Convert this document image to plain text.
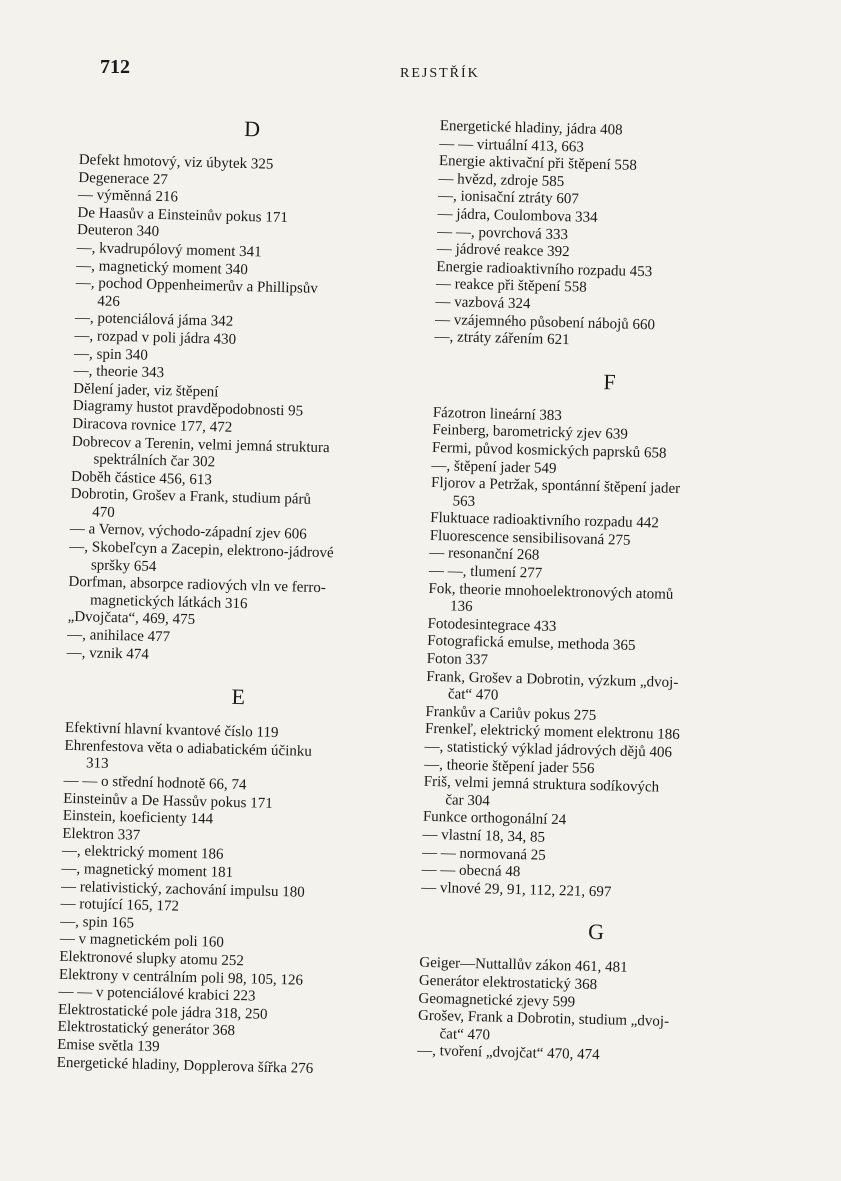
712	REJSTŘÍK
D
Defekt hmotový, viz úbytek 325
Degenerace 27
— výměnná 216
De Haasův a Einsteinův pokus 171
Deuteron 340
—, kvadrupólový moment 341
—, magnetický moment 340
—, pochod Oppenheimerův a Phillipsův
426
—, potenciálová jáma 342
—, rozpad v poli jádra 430
—, spin 340
—, theorie 343
Dělení jader, viz štěpení
Diagramy hustot pravděpodobnosti 95
Diracova rovnice 177, 472
Dobrecov a Terenin, velmi jemná struktura
spektrálních čar 302
Doběh částice 456, 613
Dobrotin, Grošev a Frank, studium párů
470
— a Vernov, východo-západní zjev 606
—, Skobeľcyn a Zacepin, elektrono-jádrové
spršky 654
Dorfman, absorpce radiových vln ve ferro-
magnetických látkách 316
„Dvojčata“, 469, 475
—, anihilace 477
—, vznik 474
E
Efektivní hlavní kvantové číslo 119
Ehrenfestova věta o adiabatickém účinku
313
— — o střední hodnotě 66, 74
Einsteinův a De Hassův pokus 171
Einstein, koeficienty 144
Elektron 337
—, elektrický moment 186
—, magnetický moment 181
— relativistický, zachování impulsu 180
— rotující 165, 172
—, spin 165
— v magnetickém poli 160
Elektronové slupky atomu 252
Elektrony v centrálním poli 98, 105, 126
— — v potenciálové krabici 223
Elektrostatické pole jádra 318, 250
Elektrostatický generátor 368
Emise světla 139
Energetické hladiny, Dopplerova šířka 276
Energetické hladiny, jádra 408
— — virtuální 413, 663
Energie aktivační při štěpení 558
— hvězd, zdroje 585
—, ionisační ztráty 607
— jádra, Coulombova 334
— —, povrchová 333
— jádrové reakce 392
Energie radioaktivního rozpadu 453
— reakce při štěpení 558
— vazbová 324
— vzájemného působení nábojů 660
—, ztráty zářením 621
F
Fázotron lineární 383
Feinberg, barometrický zjev 639
Fermi, původ kosmických paprsků 658
—, štěpení jader 549
Fljorov a Petržak, spontánní štěpení jader
563
Fluktuace radioaktivního rozpadu 442
Fluorescence sensibilisovaná 275
— resonanční 268
— —, tlumení 277
Fok, theorie mnohoelektronových atomů
136
Fotodesintegrace 433
Fotografická emulse, methoda 365
Foton 337
Frank, Grošev a Dobrotin, výzkum „dvoj-
čat“ 470
Frankův a Cariův pokus 275
Frenkeľ, elektrický moment elektronu 186
—, statistický výklad jádrových dějů 406
—, theorie štěpení jader 556
Friš, velmi jemná struktura sodíkových
čar 304
Funkce orthogonální 24
— vlastní 18, 34, 85
— — normovaná 25
— — obecná 48
— vlnové 29, 91, 112, 221, 697
G
Geiger—Nuttallův zákon 461, 481
Generátor elektrostatický 368
Geomagnetické zjevy 599
Grošev, Frank a Dobrotin, studium „dvoj-
čat“ 470
—, tvoření „dvojčat“ 470, 474
